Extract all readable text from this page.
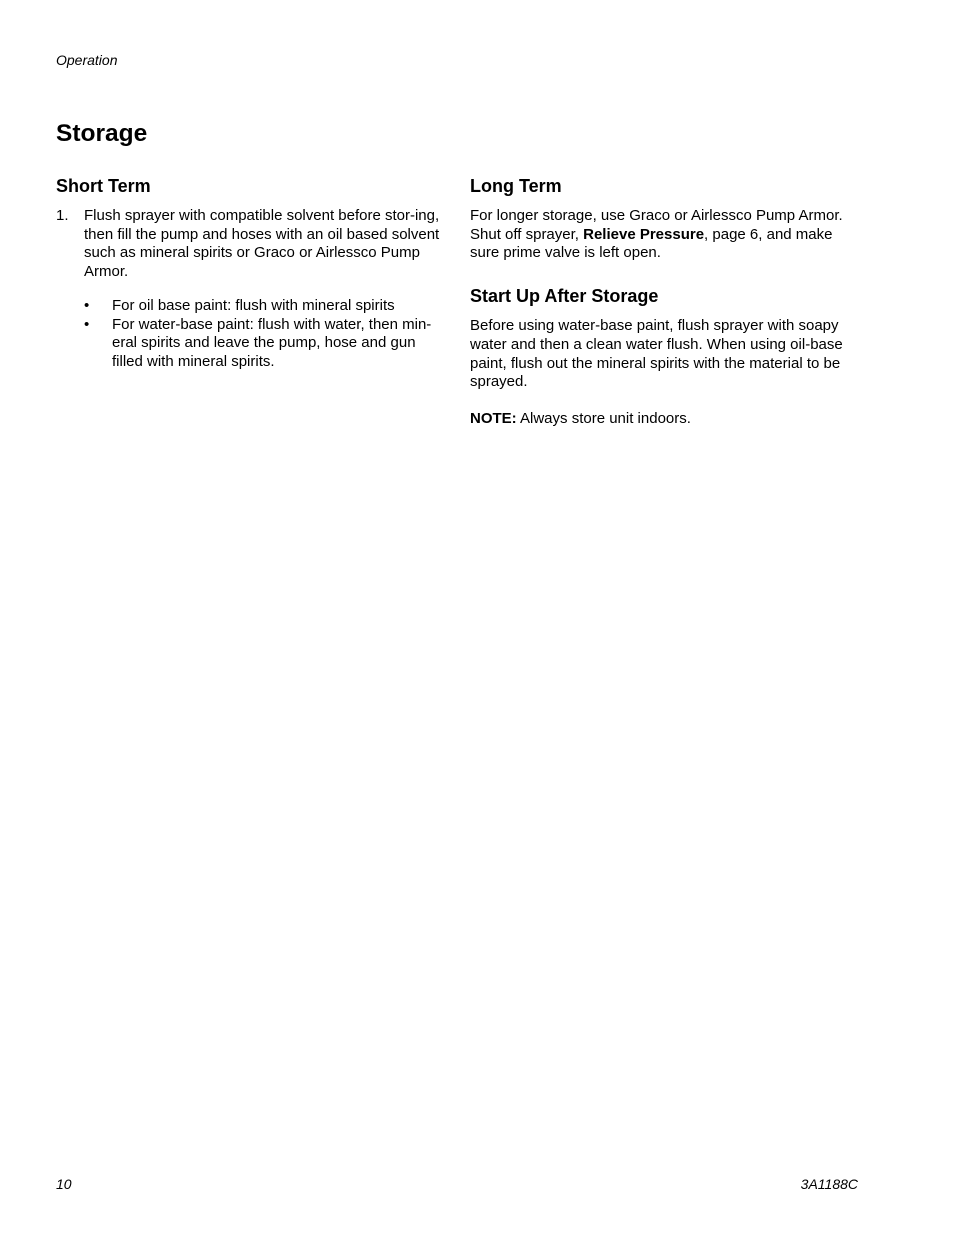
Operation
Storage
Short Term
1. Flush sprayer with compatible solvent before stor-ing, then fill the pump and hoses with an oil based solvent such as mineral spirits or Graco or Airlessco Pump Armor.

• For oil base paint: flush with mineral spirits
• For water-base paint: flush with water, then min-eral spirits and leave the pump, hose and gun filled with mineral spirits.
Long Term

For longer storage, use Graco or Airlessco Pump Armor. Shut off sprayer, Relieve Pressure, page 6, and make sure prime valve is left open.

Start Up After Storage

Before using water-base paint, flush sprayer with soapy water and then a clean water flush. When using oil-base paint, flush out the mineral spirits with the material to be sprayed.

NOTE: Always store unit indoors.

10	3A1188C
